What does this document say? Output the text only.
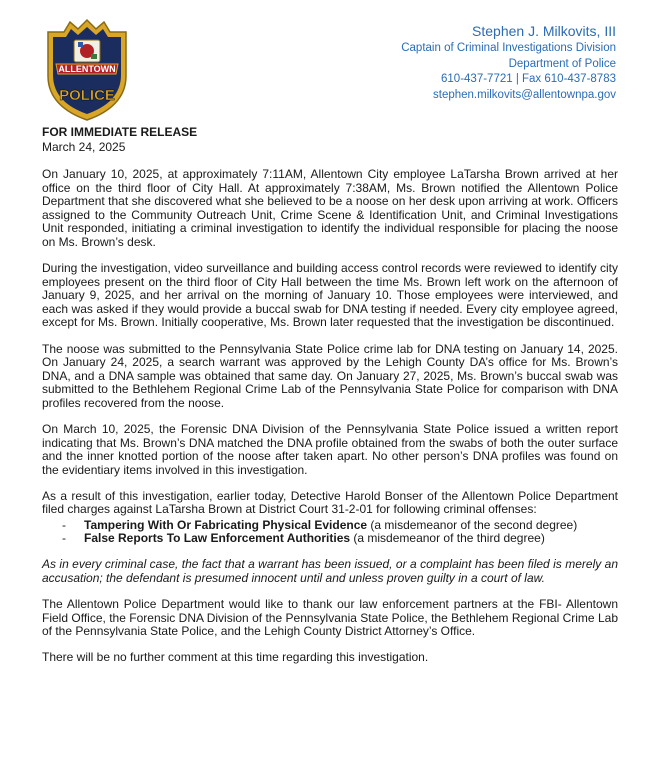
ALLENTOWN
POLICE
Stephen J. Milkovits, III
Captain of Criminal Investigations Division
Department of Police
610-437-7721 | Fax 610-437-8783
stephen.milkovits@allentownpa.gov
FOR IMMEDIATE RELEASE
March 24, 2025

On January 10, 2025, at approximately 7:11AM, Allentown City employee LaTarsha Brown arrived at her office on the third floor of City Hall. At approximately 7:38AM, Ms. Brown notified the Allentown Police Department that she discovered what she believed to be a noose on her desk upon arriving at work. Officers assigned to the Community Outreach Unit, Crime Scene & Identification Unit, and Criminal Investigations Unit responded, initiating a criminal investigation to identify the individual responsible for placing the noose on Ms. Brown’s desk.

During the investigation, video surveillance and building access control records were reviewed to identify city employees present on the third floor of City Hall between the time Ms. Brown left work on the afternoon of January 9, 2025, and her arrival on the morning of January 10. Those employees were interviewed, and each was asked if they would provide a buccal swab for DNA testing if needed. Every city employee agreed, except for Ms. Brown. Initially cooperative, Ms. Brown later requested that the investigation be discontinued.

The noose was submitted to the Pennsylvania State Police crime lab for DNA testing on January 14, 2025. On January 24, 2025, a search warrant was approved by the Lehigh County DA’s office for Ms. Brown’s DNA, and a DNA sample was obtained that same day. On January 27, 2025, Ms. Brown’s buccal swab was submitted to the Bethlehem Regional Crime Lab of the Pennsylvania State Police for comparison with DNA profiles recovered from the noose.

On March 10, 2025, the Forensic DNA Division of the Pennsylvania State Police issued a written report indicating that Ms. Brown’s DNA matched the DNA profile obtained from the swabs of both the outer surface and the inner knotted portion of the noose after taken apart. No other person’s DNA profiles was found on the evidentiary items involved in this investigation.

As a result of this investigation, earlier today, Detective Harold Bonser of the Allentown Police Department filed charges against LaTarsha Brown at District Court 31-2-01 for following criminal offenses:

- Tampering With Or Fabricating Physical Evidence (a misdemeanor of the second degree)
- False Reports To Law Enforcement Authorities (a misdemeanor of the third degree)

As in every criminal case, the fact that a warrant has been issued, or a complaint has been filed is merely an accusation; the defendant is presumed innocent until and unless proven guilty in a court of law.

The Allentown Police Department would like to thank our law enforcement partners at the FBI- Allentown Field Office, the Forensic DNA Division of the Pennsylvania State Police, the Bethlehem Regional Crime Lab of the Pennsylvania State Police, and the Lehigh County District Attorney’s Office.

There will be no further comment at this time regarding this investigation.
